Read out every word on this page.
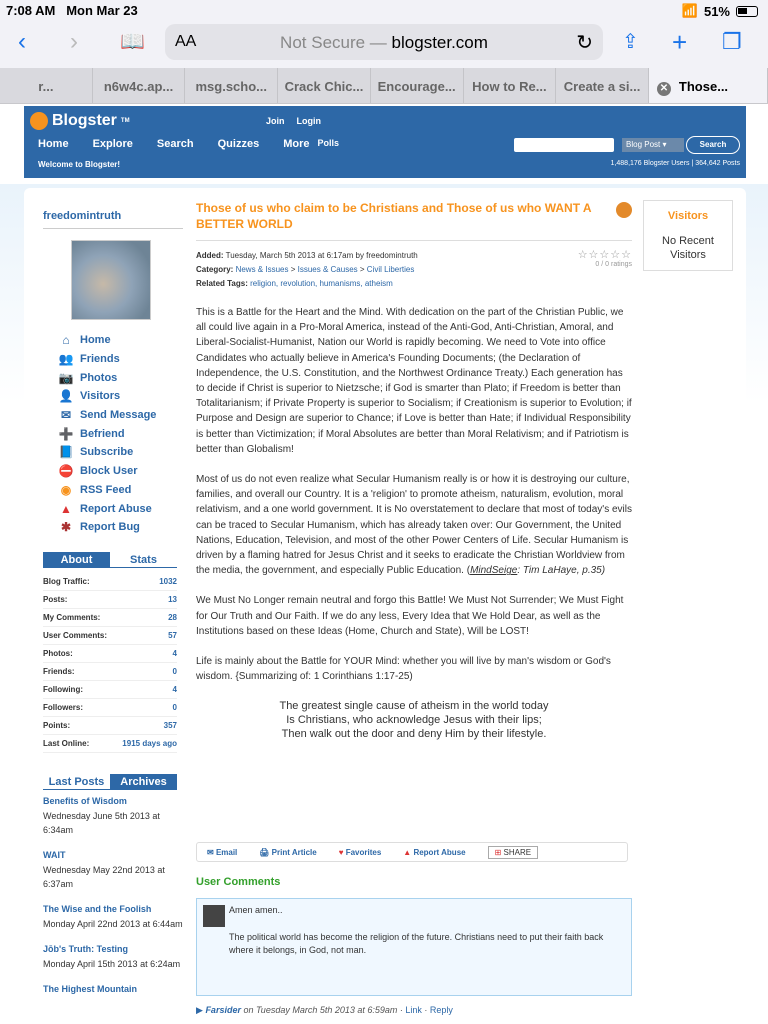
7:08 AM Mon Mar 23	📶 51%
‹ › 📖 AA	Not Secure — blogster.com	↻ ⇪ + ❐
r...	n6w4c.ap...	msg.scho...	Crack Chic...	Encourage...	How to Re...	Create a si...	✕ Those...
Blogster TM	Join Login
Home Explore Search Quizzes More Polls	Blog Post ▾	Search
Welcome to Blogster!	1,488,176 Blogster Users | 364,642 Posts
freedomintruth
⌂ Home
👥 Friends
📷 Photos
👤 Visitors
✉ Send Message
➕ Befriend
📘 Subscribe
⛔ Block User
◉ RSS Feed
▲ Report Abuse
✱ Report Bug
About	Stats
Blog Traffic:	1032
Posts:	13
My Comments:	28
User Comments:	57
Photos:	4
Friends:	0
Following:	4
Followers:	0
Points:	357
Last Online:	1915 days ago
Last Posts	Archives
Benefits of Wisdom
Wednesday June 5th 2013 at 6:34am
WAIT
Wednesday May 22nd 2013 at 6:37am
The Wise and the Foolish
Monday April 22nd 2013 at 6:44am
Jōb's Truth: Testing
Monday April 15th 2013 at 6:24am
The Highest Mountain
Those of us who claim to be Christians and Those of us who WANT A BETTER WORLD
Added: Tuesday, March 5th 2013 at 6:17am by freedomintruth
Category: News & Issues > Issues & Causes > Civil Liberties
Related Tags: religion, revolution, humanisms, atheism
☆☆☆☆☆
0 / 0 ratings

This is a Battle for the Heart and the Mind. With dedication on the part of the Christian Public, we all could live again in a Pro-Moral America, instead of the Anti-God, Anti-Christian, Amoral, and Liberal-Socialist-Humanist, Nation our World is rapidly becoming. We need to Vote into office Candidates who actually believe in America's Founding Documents; (the Declaration of Independence, the U.S. Constitution, and the Northwest Ordinance Treaty.) Each generation has to decide if Christ is superior to Nietzsche; if God is smarter than Plato; if Freedom is better than Totalitarianism; if Private Property is superior to Socialism; if Creationism is superior to Evolution; if Purpose and Design are superior to Chance; if Love is better than Hate; if Individual Responsibility is better than Victimization; if Moral Absolutes are better than Moral Relativism; and if Patriotism is better than Globalism!

Most of us do not even realize what Secular Humanism really is or how it is destroying our culture, families, and overall our Country. It is a 'religion' to promote atheism, naturalism, evolution, moral relativism, and a one world government. It is No overstatement to declare that most of today's evils can be traced to Secular Humanism, which has already taken over: Our Government, the United Nations, Education, Television, and most of the other Power Centers of Life. Secular Humanism is driven by a flaming hatred for Jesus Christ and it seeks to eradicate the Christian Worldview from the media, the government, and especially Public Education. (MindSeige: Tim LaHaye, p.35)

We Must No Longer remain neutral and forgo this Battle! We Must Not Surrender; We Must Fight for Our Truth and Our Faith. If we do any less, Every Idea that We Hold Dear, as well as the Institutions based on these Ideas (Home, Church and State), Will be LOST!

Life is mainly about the Battle for YOUR Mind: whether you will live by man's wisdom or God's wisdom. {Summarizing of: 1 Corinthians 1:17-25)

The greatest single cause of atheism in the world today
Is Christians, who acknowledge Jesus with their lips;
Then walk out the door and deny Him by their lifestyle.
✉ Email	🖨 Print Article	♥ Favorites	▲ Report Abuse	⊞ SHARE
User Comments
Amen amen..
The political world has become the religion of the future. Christians need to put their faith back where it belongs, in God, not man.
▶ Farsider on Tuesday March 5th 2013 at 6:59am · Link · Reply
Visitors
No Recent Visitors
